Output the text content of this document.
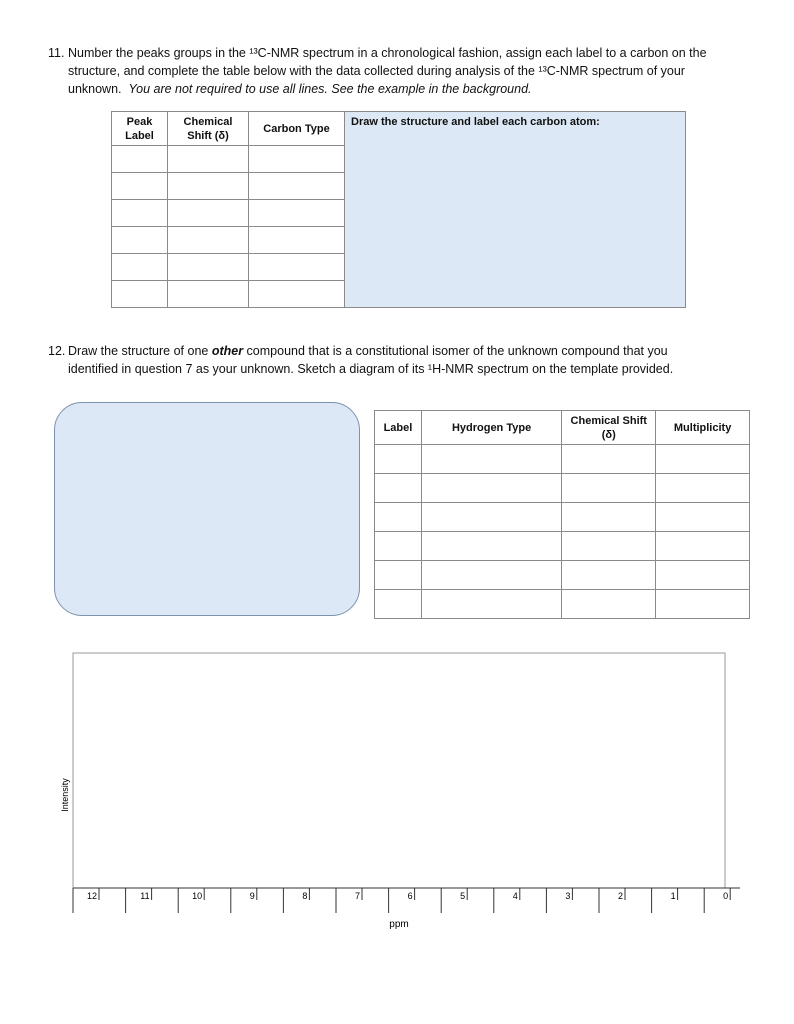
11. Number the peaks groups in the ¹³C-NMR spectrum in a chronological fashion, assign each label to a carbon on the
structure, and complete the table below with the data collected during analysis of the ¹³C-NMR spectrum of your
unknown. You are not required to use all lines. See the example in the background.
Peak Label	Chemical Shift (δ)	Carbon Type	Draw the structure and label each carbon atom:

12. Draw the structure of one other compound that is a constitutional isomer of the unknown compound that you
identified in question 7 as your unknown. Sketch a diagram of its ¹H-NMR spectrum on the template provided.
Label	Hydrogen Type	Chemical Shift (δ)	Multiplicity

12	11	10	9	8	7	6	5	4	3	2	1	0
Intensity
ppm
